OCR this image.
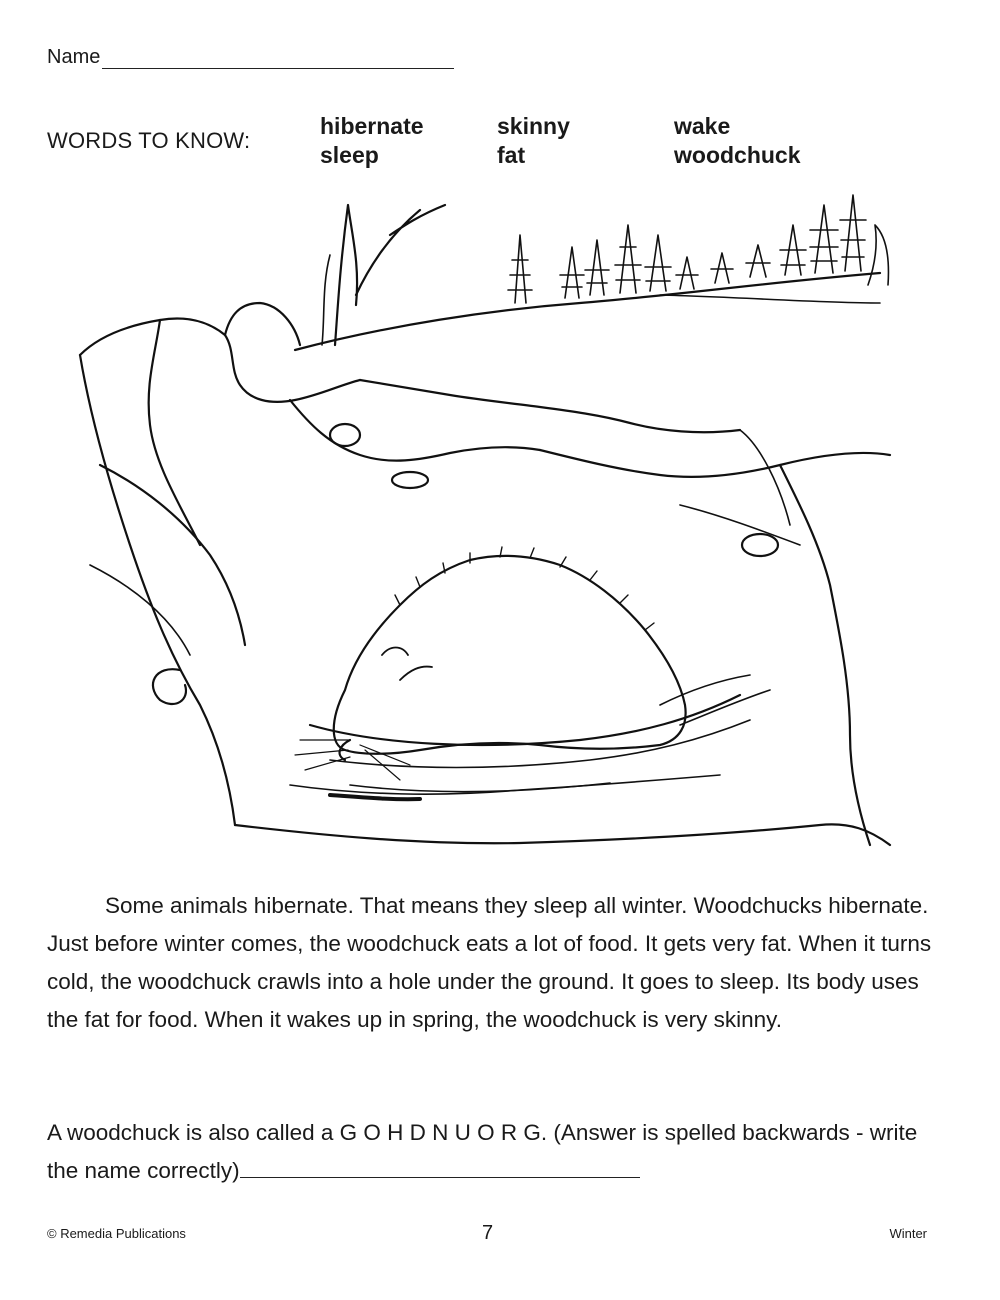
Name
WORDS TO KNOW:
hibernate	skinny	wake
sleep	fat	woodchuck

Some animals hibernate. That means they sleep all winter. Woodchucks hibernate. Just before winter comes, the woodchuck eats a lot of food. It gets very fat. When it turns cold, the woodchuck crawls into a hole under the ground. It goes to sleep. Its body uses the fat for food. When it wakes up in spring, the woodchuck is very skinny.

A woodchuck is also called a G O H D N U O R G. (Answer is spelled backwards - write the name correctly)
© Remedia Publications	7	Winter
